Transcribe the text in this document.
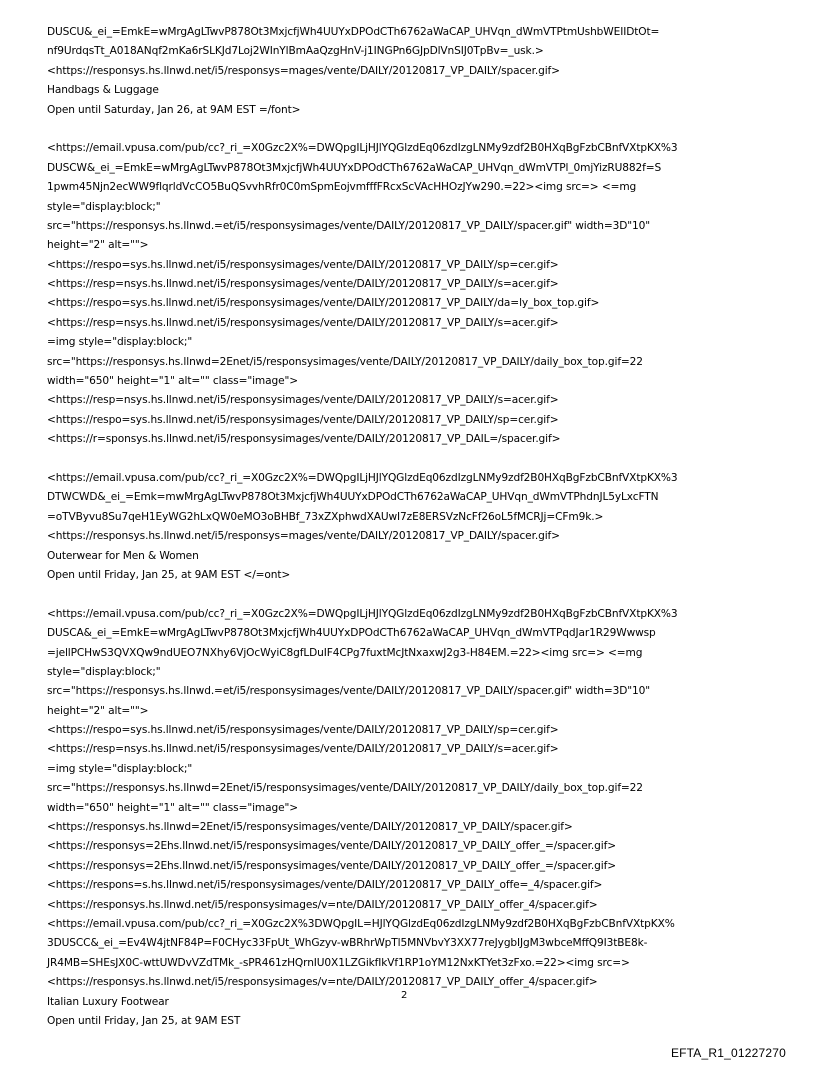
DUSCU&_ei_=EmkE=wMrgAgLTwvP878Ot3MxjcfjWh4UUYxDPOdCTh6762aWaCAP_UHVqn_dWmVTPtmUshbWEIIDtOt=
nf9UrdqsTt_A018ANqf2mKa6rSLKJd7Loj2WInYlBmAaQzgHnV-j1INGPn6GJpDlVnSIJ0TpBv=_usk.>
<https://responsys.hs.llnwd.net/i5/responsys=mages/vente/DAILY/20120817_VP_DAILY/spacer.gif>
Handbags & Luggage
Open until Saturday, Jan 26, at 9AM EST =/font>
<https://email.vpusa.com/pub/cc?_ri_=X0Gzc2X%=DWQpgILjHJlYQGlzdEq06zdIzgLNMy9zdf2B0HXqBgFzbCBnfVXtpKX%3
DUSCW&_ei_=EmkE=wMrgAgLTwvP878Ot3MxjcfjWh4UUYxDPOdCTh6762aWaCAP_UHVqn_dWmVTPl_0mjYizRU882f=S
1pwm45Njn2ecWW9flqrldVcCO5BuQSvvhRfr0C0mSpmEojvmfffFRcxScVAcHHOzJYw290.=22><img src=> <=mg
style="display:block;"
src="https://responsys.hs.llnwd.=et/i5/responsysimages/vente/DAILY/20120817_VP_DAILY/spacer.gif" width=3D"10"
height="2" alt="">
<https://respo=sys.hs.llnwd.net/i5/responsysimages/vente/DAILY/20120817_VP_DAILY/sp=cer.gif>
<https://resp=nsys.hs.llnwd.net/i5/responsysimages/vente/DAILY/20120817_VP_DAILY/s=acer.gif>
<https://respo=sys.hs.llnwd.net/i5/responsysimages/vente/DAILY/20120817_VP_DAILY/da=ly_box_top.gif>
<https://resp=nsys.hs.llnwd.net/i5/responsysimages/vente/DAILY/20120817_VP_DAILY/s=acer.gif>
=img style="display:block;"
src="https://responsys.hs.llnwd=2Enet/i5/responsysimages/vente/DAILY/20120817_VP_DAILY/daily_box_top.gif=22
width="650" height="1" alt="" class="image">
<https://resp=nsys.hs.llnwd.net/i5/responsysimages/vente/DAILY/20120817_VP_DAILY/s=acer.gif>
<https://respo=sys.hs.llnwd.net/i5/responsysimages/vente/DAILY/20120817_VP_DAILY/sp=cer.gif>
<https://r=sponsys.hs.llnwd.net/i5/responsysimages/vente/DAILY/20120817_VP_DAIL=/spacer.gif>
<https://email.vpusa.com/pub/cc?_ri_=X0Gzc2X%=DWQpgILjHJlYQGlzdEq06zdIzgLNMy9zdf2B0HXqBgFzbCBnfVXtpKX%3
DTWCWD&_ei_=Emk=mwMrgAgLTwvP878Ot3MxjcfjWh4UUYxDPOdCTh6762aWaCAP_UHVqn_dWmVTPhdnJL5yLxcFTN
=oTVByvu8Su7qeH1EyWG2hLxQW0eMO3oBHBf_73xZXphwdXAUwI7zE8ERSVzNcFf26oL5fMCRJj=CFm9k.>
<https://responsys.hs.llnwd.net/i5/responsys=mages/vente/DAILY/20120817_VP_DAILY/spacer.gif>
Outerwear for Men & Women
Open until Friday, Jan 25, at 9AM EST </=ont>
<https://email.vpusa.com/pub/cc?_ri_=X0Gzc2X%=DWQpgILjHJlYQGlzdEq06zdIzgLNMy9zdf2B0HXqBgFzbCBnfVXtpKX%3
DUSCA&_ei_=EmkE=wMrgAgLTwvP878Ot3MxjcfjWh4UUYxDPOdCTh6762aWaCAP_UHVqn_dWmVTPqdJar1R29Wwwsp
=jellPCHwS3QVXQw9ndUEO7NXhy6VjOcWyiC8gfLDuIF4CPg7fuxtMcJtNxaxwJ2g3-H84EM.=22><img src=> <=mg
style="display:block;"
src="https://responsys.hs.llnwd.=et/i5/responsysimages/vente/DAILY/20120817_VP_DAILY/spacer.gif" width=3D"10"
height="2" alt="">
<https://respo=sys.hs.llnwd.net/i5/responsysimages/vente/DAILY/20120817_VP_DAILY/sp=cer.gif>
<https://resp=nsys.hs.llnwd.net/i5/responsysimages/vente/DAILY/20120817_VP_DAILY/s=acer.gif>
=img style="display:block;"
src="https://responsys.hs.llnwd=2Enet/i5/responsysimages/vente/DAILY/20120817_VP_DAILY/daily_box_top.gif=22
width="650" height="1" alt="" class="image">
<https://responsys.hs.llnwd=2Enet/i5/responsysimages/vente/DAILY/20120817_VP_DAILY/spacer.gif>
<https://responsys=2Ehs.llnwd.net/i5/responsysimages/vente/DAILY/20120817_VP_DAILY_offer_=/spacer.gif>
<https://responsys=2Ehs.llnwd.net/i5/responsysimages/vente/DAILY/20120817_VP_DAILY_offer_=/spacer.gif>
<https://respons=s.hs.llnwd.net/i5/responsysimages/vente/DAILY/20120817_VP_DAILY_offe=_4/spacer.gif>
<https://responsys.hs.llnwd.net/i5/responsysimages/v=nte/DAILY/20120817_VP_DAILY_offer_4/spacer.gif>
<https://email.vpusa.com/pub/cc?_ri_=X0Gzc2X%3DWQpgIL=HJlYQGlzdEq06zdIzgLNMy9zdf2B0HXqBgFzbCBnfVXtpKX%
3DUSCC&_ei_=Ev4W4jtNF84P=F0CHyc33FpUt_WhGzyv-wBRhrWpTl5MNVbvY3XX77reJygbIJgM3wbceMffQ9I3tBE8k-
JR4MB=SHEsJX0C-wttUWDvVZdTMk_-sPR461zHQrnIU0X1LZGikfIkVf1RP1oYM12NxKTYet3zFxo.=22><img src=>
<https://responsys.hs.llnwd.net/i5/responsysimages/v=nte/DAILY/20120817_VP_DAILY_offer_4/spacer.gif>
Italian Luxury Footwear
Open until Friday, Jan 25, at 9AM EST
2
EFTA_R1_01227270
